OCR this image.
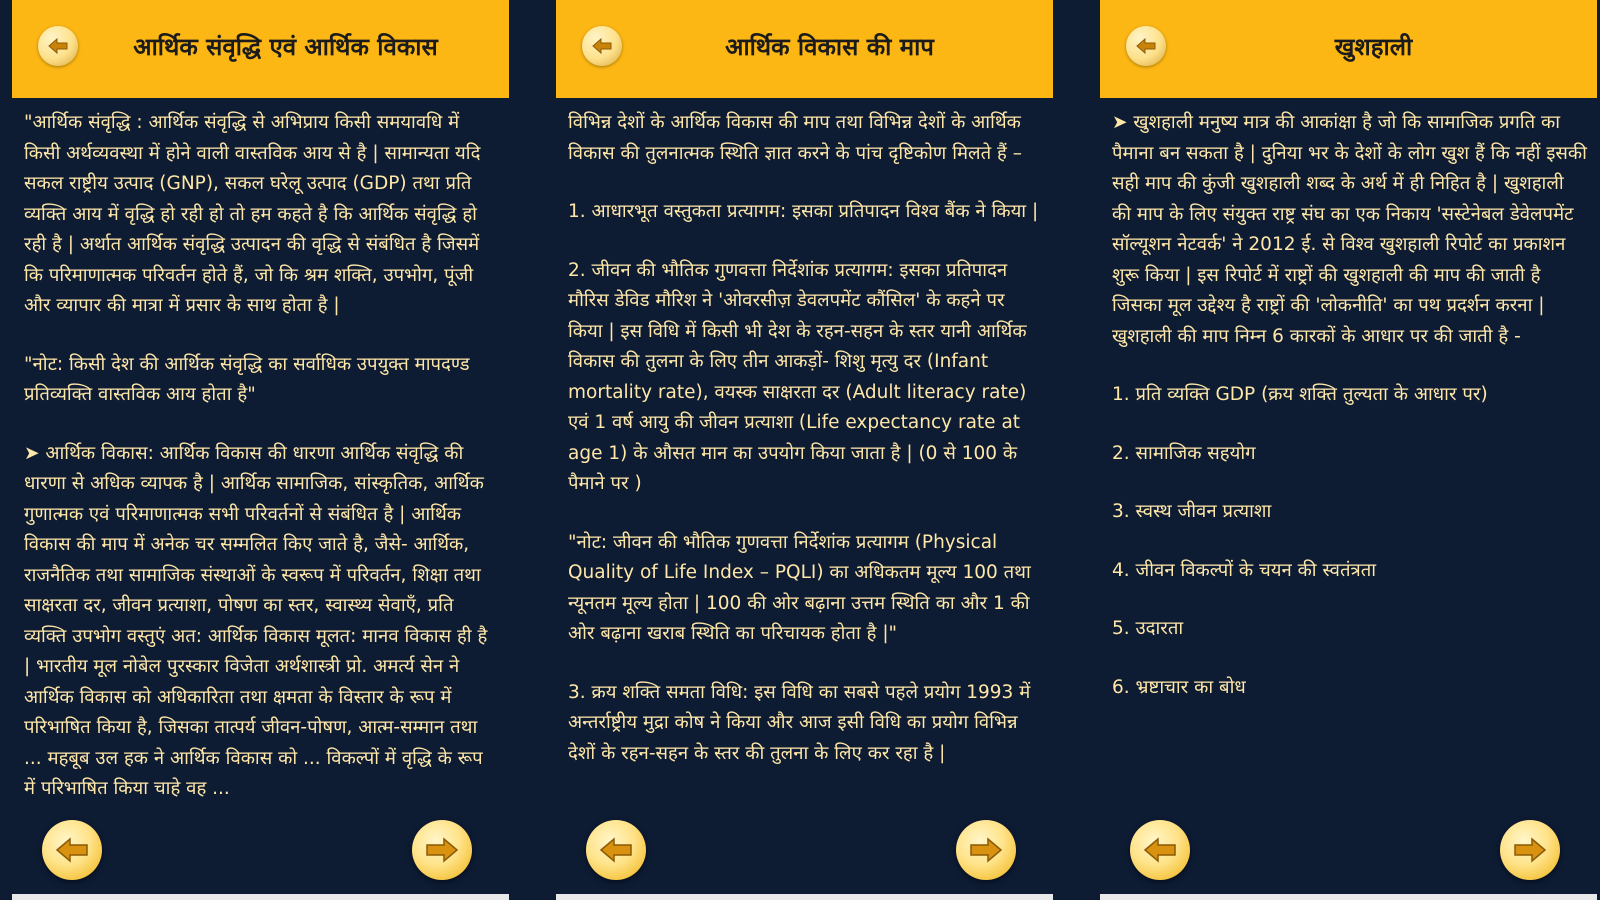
आर्थिक संवृद्धि एवं आर्थिक विकास

"आर्थिक संवृद्धि : आर्थिक संवृद्धि से अभिप्राय किसी समयावधि में किसी अर्थव्यवस्था में होने वाली वास्तविक आय से है | सामान्यता यदि सकल राष्ट्रीय उत्पाद (GNP), सकल घरेलू उत्पाद (GDP) तथा प्रति व्यक्ति आय में वृद्धि हो रही हो तो हम कहते है कि आर्थिक संवृद्धि हो रही है | अर्थात आर्थिक संवृद्धि उत्पादन की वृद्धि से संबंधित है जिसमें कि परिमाणात्मक परिवर्तन होते हैं, जो कि श्रम शक्ति, उपभोग, पूंजी और व्यापार की मात्रा में प्रसार के साथ होता है |

"नोट: किसी देश की आर्थिक संवृद्धि का सर्वाधिक उपयुक्त मापदण्ड प्रतिव्यक्ति वास्तविक आय होता है"

➤ आर्थिक विकास: आर्थिक विकास की धारणा आर्थिक संवृद्धि की धारणा से अधिक व्यापक है | आर्थिक सामाजिक, सांस्कृतिक, आर्थिक गुणात्मक एवं परिमाणात्मक सभी परिवर्तनों से संबंधित है | आर्थिक विकास की माप में अनेक चर सम्मलित किए जाते है, जैसे- आर्थिक, राजनैतिक तथा सामाजिक संस्थाओं के स्वरूप में परिवर्तन, शिक्षा तथा साक्षरता दर, जीवन प्रत्याशा, पोषण का स्तर, स्वास्थ्य सेवाएँ, प्रति व्यक्ति उपभोग वस्तुएं अत: आर्थिक विकास मूलत: मानव विकास ही है | भारतीय मूल नोबेल पुरस्कार विजेता अर्थशास्त्री प्रो. अमर्त्य सेन ने आर्थिक विकास को अधिकारिता तथा क्षमता के विस्तार के रूप में परिभाषित किया है, जिसका तात्पर्य जीवन-पोषण, आत्म-सम्मान तथा ... महबूब उल हक ने आर्थिक विकास को ... विकल्पों में वृद्धि के रूप में परिभाषित किया चाहे वह ...

आर्थिक विकास की माप

विभिन्न देशों के आर्थिक विकास की माप तथा विभिन्न देशों के आर्थिक विकास की तुलनात्मक स्थिति ज्ञात करने के पांच दृष्टिकोण मिलते हैं –

1. आधारभूत वस्तुकता प्रत्यागम: इसका प्रतिपादन विश्व बैंक ने किया |

2. जीवन की भौतिक गुणवत्ता निर्देशांक प्रत्यागम: इसका प्रतिपादन मौरिस डेविड मौरिश ने 'ओवरसीज़ डेवलपमेंट कौंसिल' के कहने पर किया | इस विधि में किसी भी देश के रहन-सहन के स्तर यानी आर्थिक विकास की तुलना के लिए तीन आकड़ों- शिशु मृत्यु दर (Infant mortality rate), वयस्क साक्षरता दर (Adult literacy rate) एवं 1 वर्ष आयु की जीवन प्रत्याशा (Life expectancy rate at age 1) के औसत मान का उपयोग किया जाता है | (0 से 100 के पैमाने पर )

"नोट: जीवन की भौतिक गुणवत्ता निर्देशांक प्रत्यागम (Physical Quality of Life Index – PQLI) का अधिकतम मूल्य 100 तथा न्यूनतम मूल्य होता | 100 की ओर बढ़ाना उत्तम स्थिति का और 1 की ओर बढ़ाना खराब स्थिति का परिचायक होता है |"

3. क्रय शक्ति समता विधि: इस विधि का सबसे पहले प्रयोग 1993 में अन्तर्राष्ट्रीय मुद्रा कोष ने किया और आज इसी विधि का प्रयोग विभिन्न देशों के रहन-सहन के स्तर की तुलना के लिए कर रहा है |

खुशहाली

➤ खुशहाली मनुष्य मात्र की आकांक्षा है जो कि सामाजिक प्रगति का पैमाना बन सकता है | दुनिया भर के देशों के लोग खुश हैं कि नहीं इसकी सही माप की कुंजी खुशहाली शब्द के अर्थ में ही निहित है | खुशहाली की माप के लिए संयुक्त राष्ट्र संघ का एक निकाय 'सस्टेनेबल डेवेलपमेंट सॉल्यूशन नेटवर्क' ने 2012 ई. से विश्व खुशहाली रिपोर्ट का प्रकाशन शुरू किया | इस रिपोर्ट में राष्ट्रों की खुशहाली की माप की जाती है जिसका मूल उद्देश्य है राष्ट्रों की 'लोकनीति' का पथ प्रदर्शन करना | खुशहाली की माप निम्न 6 कारकों के आधार पर की जाती है -

1. प्रति व्यक्ति GDP (क्रय शक्ति तुल्यता के आधार पर)

2. सामाजिक सहयोग

3. स्वस्थ जीवन प्रत्याशा

4. जीवन विकल्पों के चयन की स्वतंत्रता

5. उदारता

6. भ्रष्टाचार का बोध
